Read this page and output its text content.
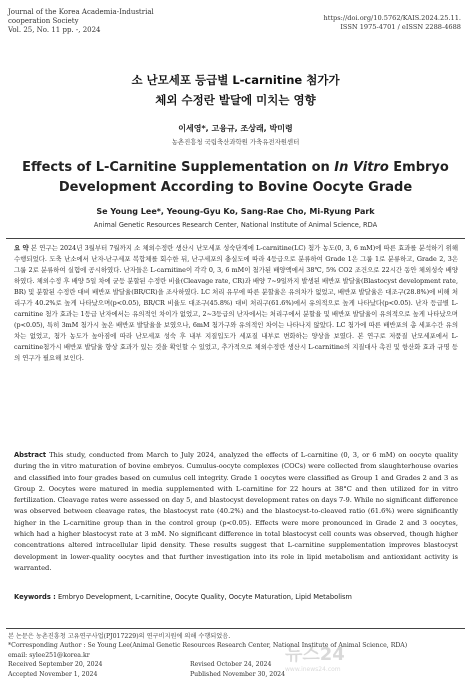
Journal of the Korea Academia-Industrial
cooperation Society
Vol. 25, No. 11 pp. -, 2024
https://doi.org/10.5762/KAIS.2024.25.11.
ISSN 1975-4701 / eISSN 2288-4688
소 난모세포 등급별 L-carnitine 첨가가
체외 수정란 발달에 미치는 영향
이세영*, 고융규, 조상래, 박미령
농촌진흥청 국립축산과학원 가축유전자원센터
Effects of L-Carnitine Supplementation on In Vitro Embryo
Development According to Bovine Oocyte Grade
Se Young Lee*, Yeoung-Gyu Ko, Sang-Rae Cho, Mi-Ryung Park
Animal Genetic Resources Research Center, National Institute of Animal Science, RDA
요 약 본 연구는 2024년 3월부터 7월까지 소 체외수정란 생산시 난모세포 성숙단계에 L-carnitine(LC) 첨가 농도(0, 3, 6 mM)에 따른 효과를 분석하기 위해 수행되었다. 도축 난소에서 난자-난구세포 복합체를 회수한 뒤, 난구세포의 충실도에 따라 4등급으로 분류하여 Grade 1은 그룹 1로 분류하고, Grade 2, 3은 그룹 2로 분류하여 실험에 공시하였다. 난자들은 L-carnitine이 각각 0, 3, 6 mM이 첨가된 배양액에서 38℃, 5% CO2 조건으로 22시간 동안 체외성숙 배양하였다. 체외수정 후 배양 5일 차에 균등 분할된 수정란 비율(Cleavage rate, CR)과 배양 7~9일까지 발생된 배반포 발달율(Blastocyst development rate, BR) 및 분할된 수정란 대비 배반포 발달율(BR/CR)을 조사하였다. LC 처리 유무에 따른 분할율은 유의차가 없었고, 배반포 발달율은 대조구(28.8%)에 비해 처리구가 40.2%로 높게 나타났으며(p<0.05), BR/CR 비율도 대조구(45.8%) 대비 처리구(61.6%)에서 유의적으로 높게 나타났다(p<0.05). 난자 등급별 L-carnitine 첨가 효과는 1등급 난자에서는 유의적인 차이가 없었고, 2~3등급의 난자에서는 처리구에서 분할율 및 배반포 발달율이 유의적으로 높게 나타났으며(p<0.05), 특히 3mM 첨가시 높은 배반포 발달율을 보였으나, 6mM 첨가구와 유의적인 차이는 나타나지 않았다. LC 첨가에 따른 배반포의 총 세포수간 유의차는 없었고, 첨가 농도가 높아짐에 따라 난모세포 성숙 후 내부 지질입도가 세포질 내부로 변화하는 양상을 보였다. 본 연구로 저품질 난모세포에서 L-carnitine첨가시 배반포 발달율 향상 효과가 있는 것을 확인할 수 있었고, 추가적으로 체외수정란 생산시 L-carnitine의 지질대사 촉진 및 항산화 효과 규명 등의 연구가 필요해 보인다.
Abstract This study, conducted from March to July 2024, analyzed the effects of L-carnitine (0, 3, or 6 mM) on oocyte quality during the in vitro maturation of bovine embryos. Cumulus-oocyte complexes (COCs) were collected from slaughterhouse ovaries and classified into four grades based on cumulus cell integrity. Grade 1 oocytes were classified as Group 1 and Grades 2 and 3 as Group 2. Oocytes were matured in media supplemented with L-carnitine for 22 hours at 38°C and then utilized for in vitro fertilization. Cleavage rates were assessed on day 5, and blastocyst development rates on days 7-9. While no significant difference was observed between cleavage rates, the blastocyst rate (40.2%) and the blastocyst-to-cleaved ratio (61.6%) were significantly higher in the L-carnitine group than in the control group (p<0.05). Effects were more pronounced in Grade 2 and 3 oocytes, which had a higher blastocyst rate at 3 mM. No significant difference in total blastocyst cell counts was observed, though higher concentrations altered intracellular lipid density. These results suggest that L-carnitine supplementation improves blastocyst development in lower-quality oocytes and that further investigation into its role in lipid metabolism and antioxidant activity is warranted.
Keywords : Embryo Development, L-carnitine, Oocyte Quality, Oocyte Maturation, Lipid Metabolism
본 논문은 농촌진흥청 고유연구사업(PJ017229)의 연구비지원에 의해 수행되었음.
*Corresponding Author : Se Young Lee(Animal Genetic Resources Research Center, National Institute of Animal Science, RDA)
email: sylee251@korea.kr
Received September 20, 2024	Revised October 24, 2024
Accepted November 1, 2024	Published November 30, 2024
뉴스24
www.inews24.com
